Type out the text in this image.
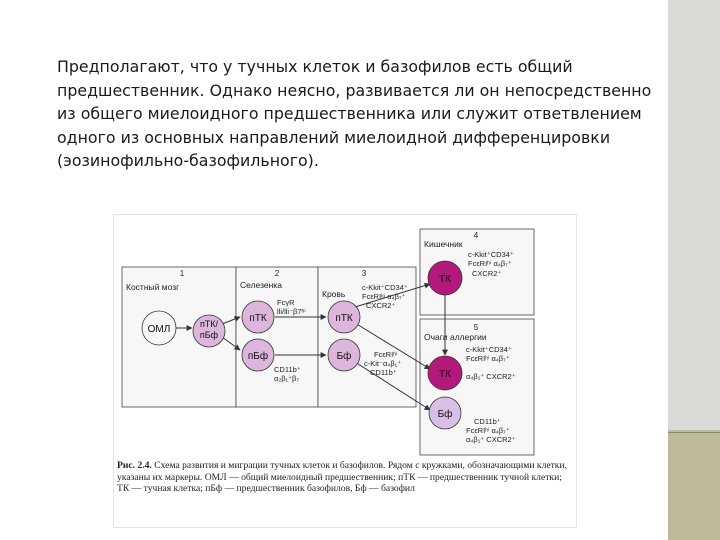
Предполагают, что у тучных клеток и базофилов есть общий предшественник. Однако неясно, развивается ли он непосредственно из общего миелоидного предшественника или служит ответвлением одного из основных направлений миелоидной дифференцировки (эозинофильно-базофильного).

1
Костный мозг
2
Селезенка
3
Кровь
4
Кишечник
5
Очаги аллергии
ОМЛ	пТК/
пБф
пТК
пБф
пТК
Бф
ТК
ТК
Бф
FcγR
lli/lli⁻β7ʰⁱ
CD11b⁺
α₂β₁⁺β₇
c-Kkit⁺CD34⁺
FcεRIˡᵒ α₄β₇⁺
CXCR2⁺
FcεRIʰⁱ
c-Kit⁻α₄β₁⁺
CD11b⁺
c-Kkit⁺CD34⁺
FcεRIʰⁱ α₄β₇⁺
CXCR2⁺
c-Kkit⁺CD34⁺
FcεRIʰⁱ α₄β₇⁺
α₄β₁⁺ CXCR2⁺
CD11b⁺
FcεRIʰⁱ α₄β₇⁺
α₄β₁⁺ CXCR2⁺

Рис. 2.4. Схема развития и миграции тучных клеток и базофилов. Рядом с кружками, обозначающими клетки, указаны их маркеры. ОМЛ — общий миелоидный предшественник; пТК — предшественник тучной клетки; ТК — тучная клетка; пБф — предшественник базофилов, Бф — базофил
